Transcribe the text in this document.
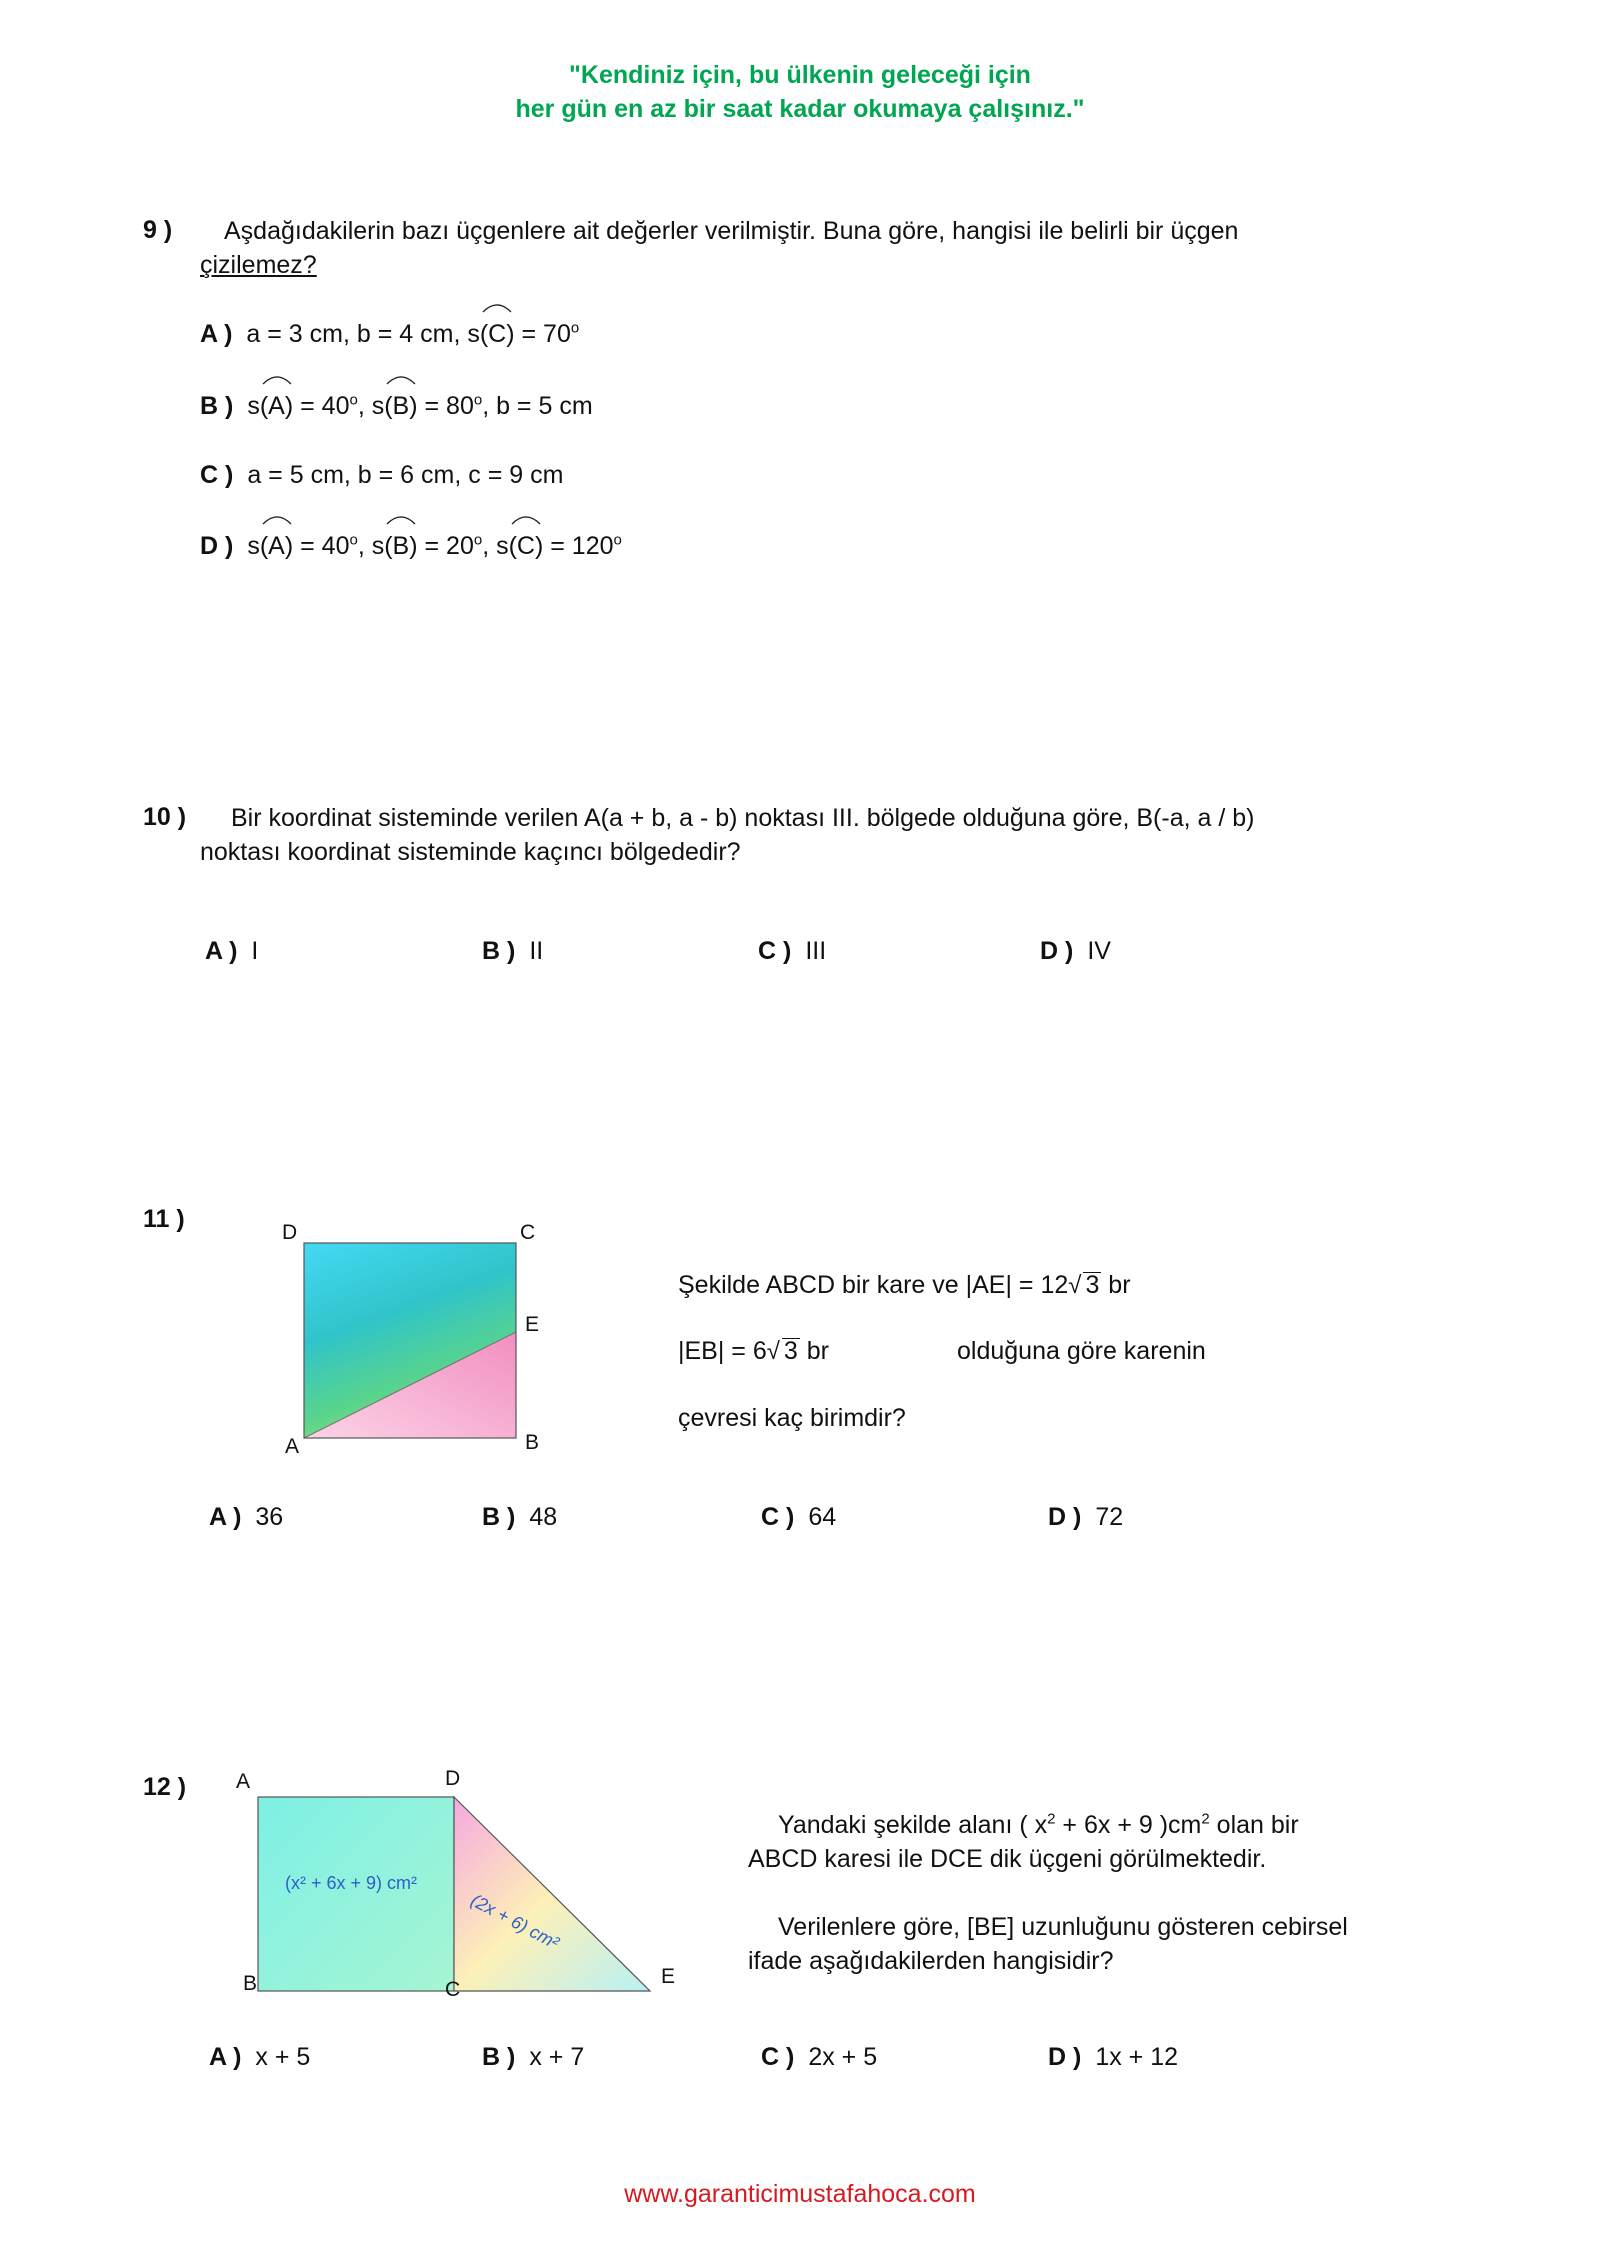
"Kendiniz için, bu ülkenin geleceği için
her gün en az bir saat kadar okumaya çalışınız."
9 ) Aşdağıdakilerin bazı üçgenlere ait değerler verilmiştir. Buna göre, hangisi ile belirli bir üçgen
çizilemez?
A ) a = 3 cm, b = 4 cm, s(
$C) = 70^o$
B ) s(
$A) = 40^o$, s(
$B) = 80^o$, b = 5 cm
C ) a = 5 cm, b = 6 cm, c = 9 cm
D ) s(
$A) = 40^o$, s(
$B) = 20^o$, s(
$C) = 120^o$
10 ) Bir koordinat sisteminde verilen A(a + b, a - b) noktası III. bölgede olduğuna göre, B(-a, a / b)
noktası koordinat sisteminde kaçıncı bölgededir?
A ) I	B ) II	C ) III	D ) IV
11 )	D	C
E
A	B
Şekilde ABCD bir kare ve |AE| = 12√ 3 br
|EB| = 6√ 3 br	olduğuna göre karenin
çevresi kaç birimdir?
A ) 36	B ) 48	C ) 64	D ) 72
12 ) A	D
B	C
E
(x² + 6x + 9) cm²
(2x + 6) cm²
Yandaki şekilde alanı ( $x^2 + 6x + 9$ )$cm^2$ olan bir
ABCD karesi ile DCE dik üçgeni görülmektedir.
Verilenlere göre, [BE] uzunluğunu gösteren cebirsel
ifade aşağıdakilerden hangisidir?
A ) x + 5	B ) x + 7	C ) 2x + 5	D ) 1x + 12
www.garanticimustafahoca.com
